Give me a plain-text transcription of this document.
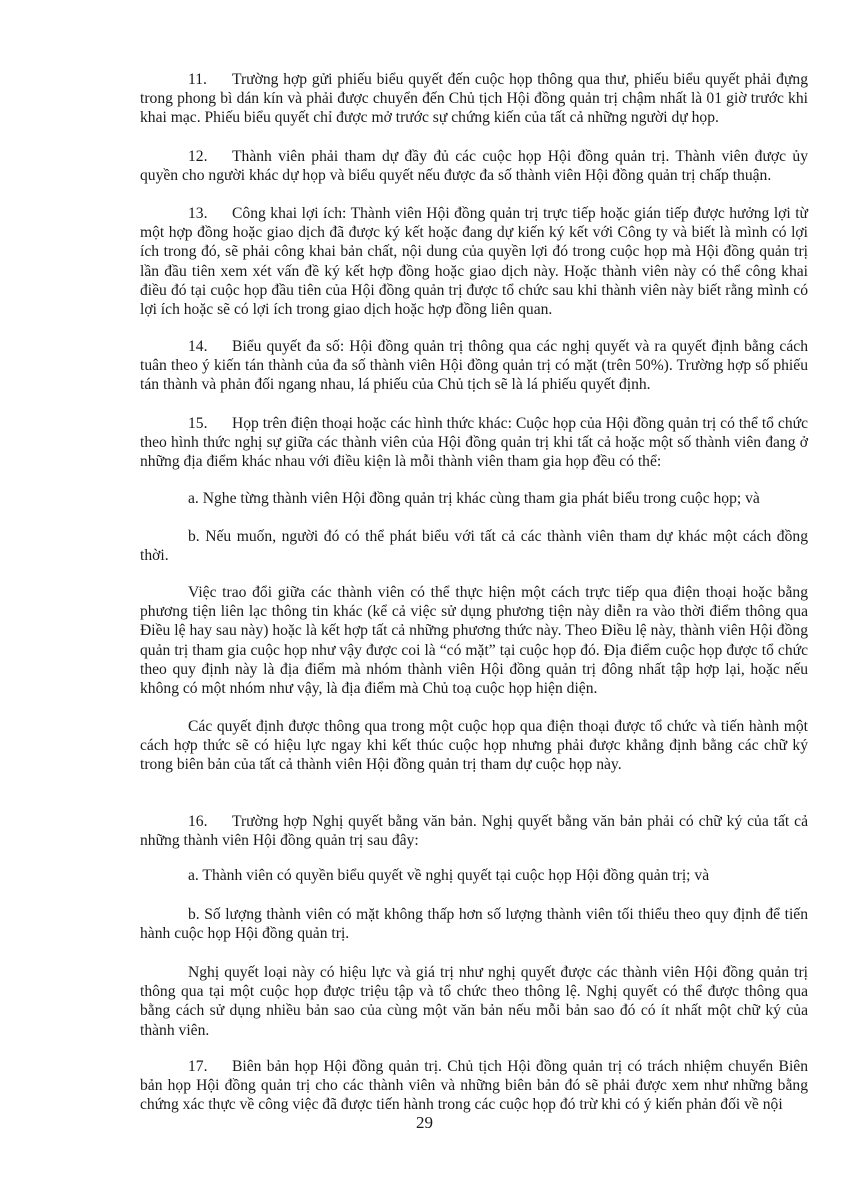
11. Trường hợp gửi phiếu biểu quyết đến cuộc họp thông qua thư, phiếu biểu quyết phải đựng trong phong bì dán kín và phải được chuyển đến Chủ tịch Hội đồng quản trị chậm nhất là 01 giờ trước khi khai mạc. Phiếu biểu quyết chỉ được mở trước sự chứng kiến của tất cả những người dự họp.

12. Thành viên phải tham dự đầy đủ các cuộc họp Hội đồng quản trị. Thành viên được ủy quyền cho người khác dự họp và biểu quyết nếu được đa số thành viên Hội đồng quản trị chấp thuận.

13. Công khai lợi ích: Thành viên Hội đồng quản trị trực tiếp hoặc gián tiếp được hưởng lợi từ một hợp đồng hoặc giao dịch đã được ký kết hoặc đang dự kiến ký kết với Công ty và biết là mình có lợi ích trong đó, sẽ phải công khai bản chất, nội dung của quyền lợi đó trong cuộc họp mà Hội đồng quản trị lần đầu tiên xem xét vấn đề ký kết hợp đồng hoặc giao dịch này. Hoặc thành viên này có thể công khai điều đó tại cuộc họp đầu tiên của Hội đồng quản trị được tổ chức sau khi thành viên này biết rằng mình có lợi ích hoặc sẽ có lợi ích trong giao dịch hoặc hợp đồng liên quan.

14. Biểu quyết đa số: Hội đồng quản trị thông qua các nghị quyết và ra quyết định bằng cách tuân theo ý kiến tán thành của đa số thành viên Hội đồng quản trị có mặt (trên 50%). Trường hợp số phiếu tán thành và phản đối ngang nhau, lá phiếu của Chủ tịch sẽ là lá phiếu quyết định.

15. Họp trên điện thoại hoặc các hình thức khác: Cuộc họp của Hội đồng quản trị có thể tổ chức theo hình thức nghị sự giữa các thành viên của Hội đồng quản trị khi tất cả hoặc một số thành viên đang ở những địa điểm khác nhau với điều kiện là mỗi thành viên tham gia họp đều có thể:

a. Nghe từng thành viên Hội đồng quản trị khác cùng tham gia phát biểu trong cuộc họp; và

b. Nếu muốn, người đó có thể phát biểu với tất cả các thành viên tham dự khác một cách đồng thời.

Việc trao đổi giữa các thành viên có thể thực hiện một cách trực tiếp qua điện thoại hoặc bằng phương tiện liên lạc thông tin khác (kể cả việc sử dụng phương tiện này diễn ra vào thời điểm thông qua Điều lệ hay sau này) hoặc là kết hợp tất cả những phương thức này. Theo Điều lệ này, thành viên Hội đồng quản trị tham gia cuộc họp như vậy được coi là “có mặt” tại cuộc họp đó. Địa điểm cuộc họp được tổ chức theo quy định này là địa điểm mà nhóm thành viên Hội đồng quản trị đông nhất tập hợp lại, hoặc nếu không có một nhóm như vậy, là địa điểm mà Chủ toạ cuộc họp hiện diện.

Các quyết định được thông qua trong một cuộc họp qua điện thoại được tổ chức và tiến hành một cách hợp thức sẽ có hiệu lực ngay khi kết thúc cuộc họp nhưng phải được khẳng định bằng các chữ ký trong biên bản của tất cả thành viên Hội đồng quản trị tham dự cuộc họp này.

16. Trường hợp Nghị quyết bằng văn bản. Nghị quyết bằng văn bản phải có chữ ký của tất cả những thành viên Hội đồng quản trị sau đây:

a. Thành viên có quyền biểu quyết về nghị quyết tại cuộc họp Hội đồng quản trị; và

b. Số lượng thành viên có mặt không thấp hơn số lượng thành viên tối thiểu theo quy định để tiến hành cuộc họp Hội đồng quản trị.

Nghị quyết loại này có hiệu lực và giá trị như nghị quyết được các thành viên Hội đồng quản trị thông qua tại một cuộc họp được triệu tập và tổ chức theo thông lệ. Nghị quyết có thể được thông qua bằng cách sử dụng nhiều bản sao của cùng một văn bản nếu mỗi bản sao đó có ít nhất một chữ ký của thành viên.

17. Biên bản họp Hội đồng quản trị. Chủ tịch Hội đồng quản trị có trách nhiệm chuyển Biên bản họp Hội đồng quản trị cho các thành viên và những biên bản đó sẽ phải được xem như những bằng chứng xác thực về công việc đã được tiến hành trong các cuộc họp đó trừ khi có ý kiến phản đối về nội

29
